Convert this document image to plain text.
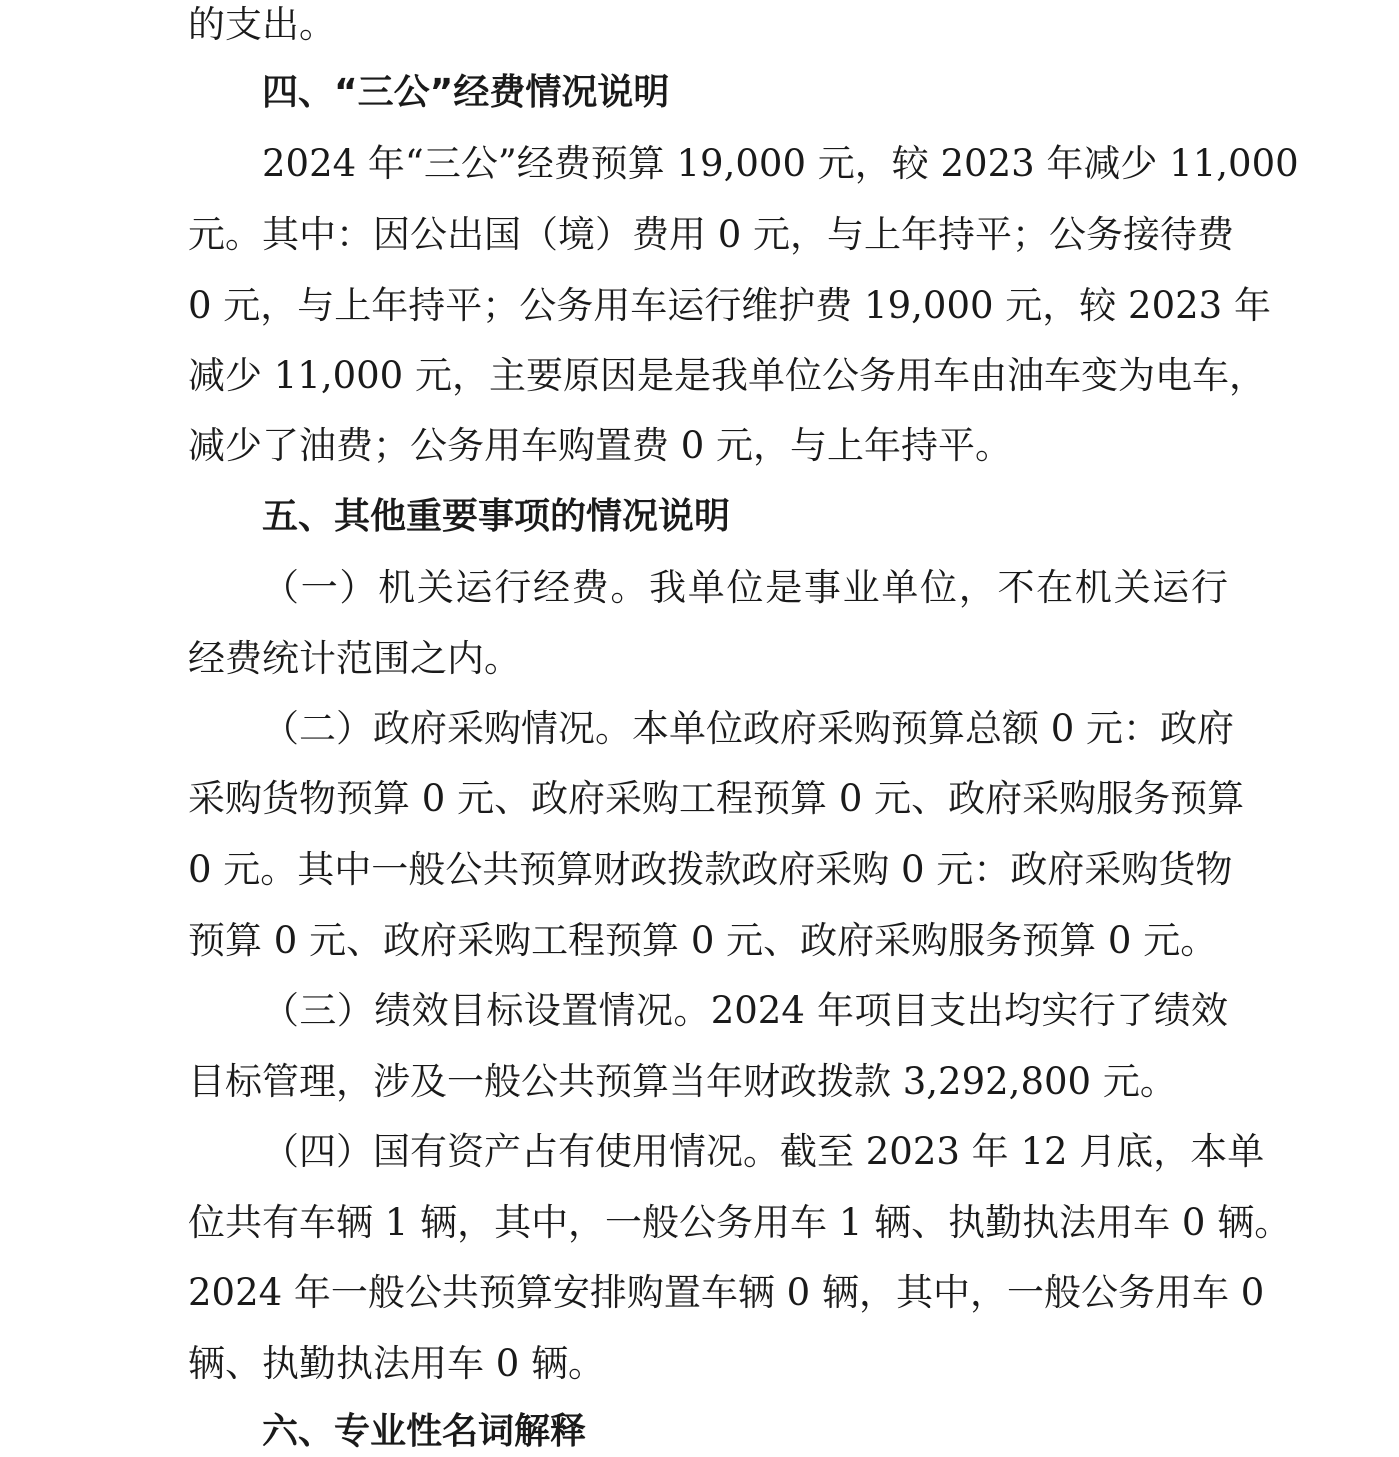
的支出。
四、“三公”经费情况说明
2024 年“三公”经费预算 19,000 元，较 2023 年减少 11,000
元。其中：因公出国（境）费用 0 元，与上年持平；公务接待费
0 元，与上年持平；公务用车运行维护费 19,000 元，较 2023 年
减少 11,000 元，主要原因是是我单位公务用车由油车变为电车，
减少了油费；公务用车购置费 0 元，与上年持平。
五、其他重要事项的情况说明
（一）机关运行经费。我单位是事业单位，不在机关运行
经费统计范围之内。
（二）政府采购情况。本单位政府采购预算总额 0 元：政府
采购货物预算 0 元、政府采购工程预算 0 元、政府采购服务预算
0 元。其中一般公共预算财政拨款政府采购 0 元：政府采购货物
预算 0 元、政府采购工程预算 0 元、政府采购服务预算 0 元。
（三）绩效目标设置情况。2024 年项目支出均实行了绩效
目标管理，涉及一般公共预算当年财政拨款 3,292,800 元。
（四）国有资产占有使用情况。截至 2023 年 12 月底，本单
位共有车辆 1 辆，其中，一般公务用车 1 辆、执勤执法用车 0 辆。
2024 年一般公共预算安排购置车辆 0 辆，其中，一般公务用车 0
辆、执勤执法用车 0 辆。
六、专业性名词解释
